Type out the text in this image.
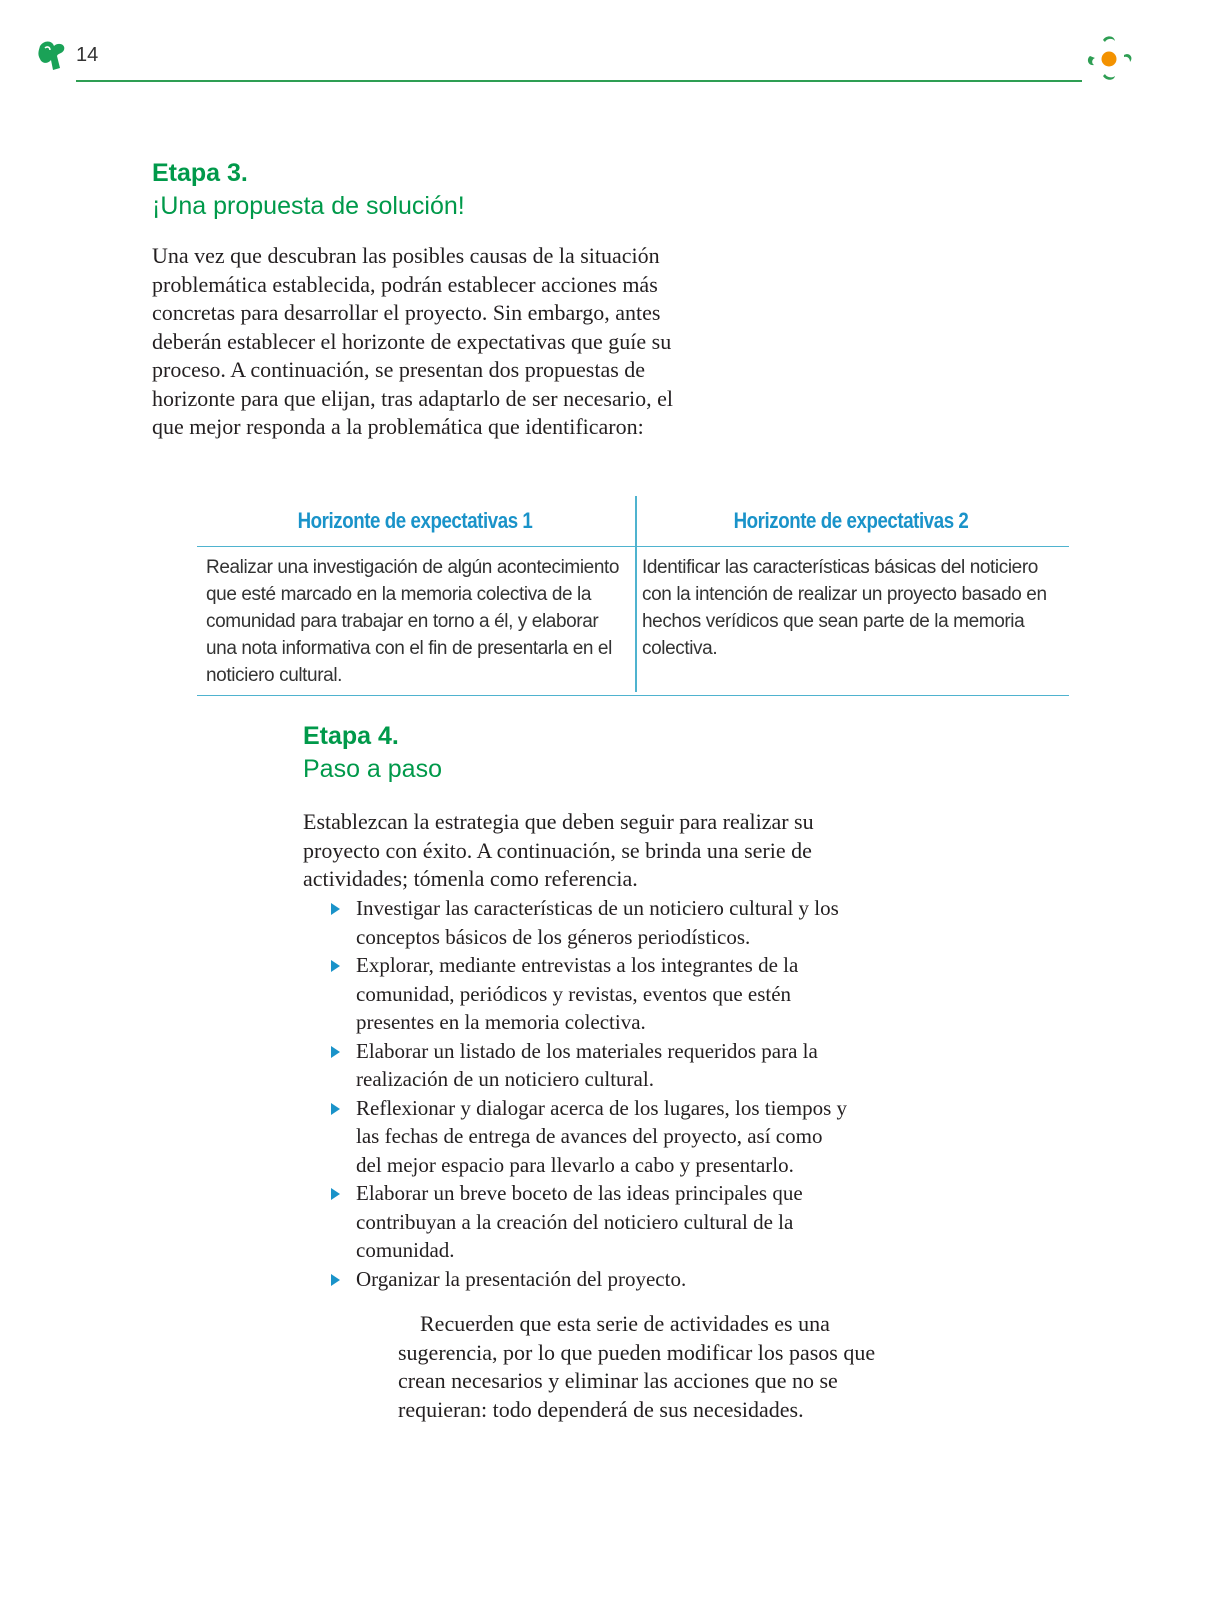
14
Etapa 3.
¡Una propuesta de solución!

Una vez que descubran las posibles causas de la situación problemática establecida, podrán establecer acciones más concretas para desarrollar el proyecto. Sin embargo, antes deberán establecer el horizonte de expectativas que guíe su proceso. A continuación, se presentan dos propuestas de horizonte para que elijan, tras adaptarlo de ser necesario, el que mejor responda a la problemática que identificaron:

Horizonte de expectativas 1	Horizonte de expectativas 2
Realizar una investigación de algún acontecimiento que esté marcado en la memoria colectiva de la comunidad para trabajar en torno a él, y elaborar una nota informativa con el fin de presentarla en el noticiero cultural.
Identificar las características básicas del noticiero con la intención de realizar un proyecto basado en hechos verídicos que sean parte de la memoria colectiva.
Etapa 4.
Paso a paso

Establezcan la estrategia que deben seguir para realizar su proyecto con éxito. A continuación, se brinda una serie de actividades; tómenla como referencia.

Investigar las características de un noticiero cultural y los conceptos básicos de los géneros periodísticos.
Explorar, mediante entrevistas a los integrantes de la comunidad, periódicos y revistas, eventos que estén presentes en la memoria colectiva.
Elaborar un listado de los materiales requeridos para la realización de un noticiero cultural.
Reflexionar y dialogar acerca de los lugares, los tiempos y las fechas de entrega de avances del proyecto, así como del mejor espacio para llevarlo a cabo y presentarlo.
Elaborar un breve boceto de las ideas principales que contribuyan a la creación del noticiero cultural de la comunidad.
Organizar la presentación del proyecto.

Recuerden que esta serie de actividades es una sugerencia, por lo que pueden modificar los pasos que crean necesarios y eliminar las acciones que no se requieran: todo dependerá de sus necesidades.
